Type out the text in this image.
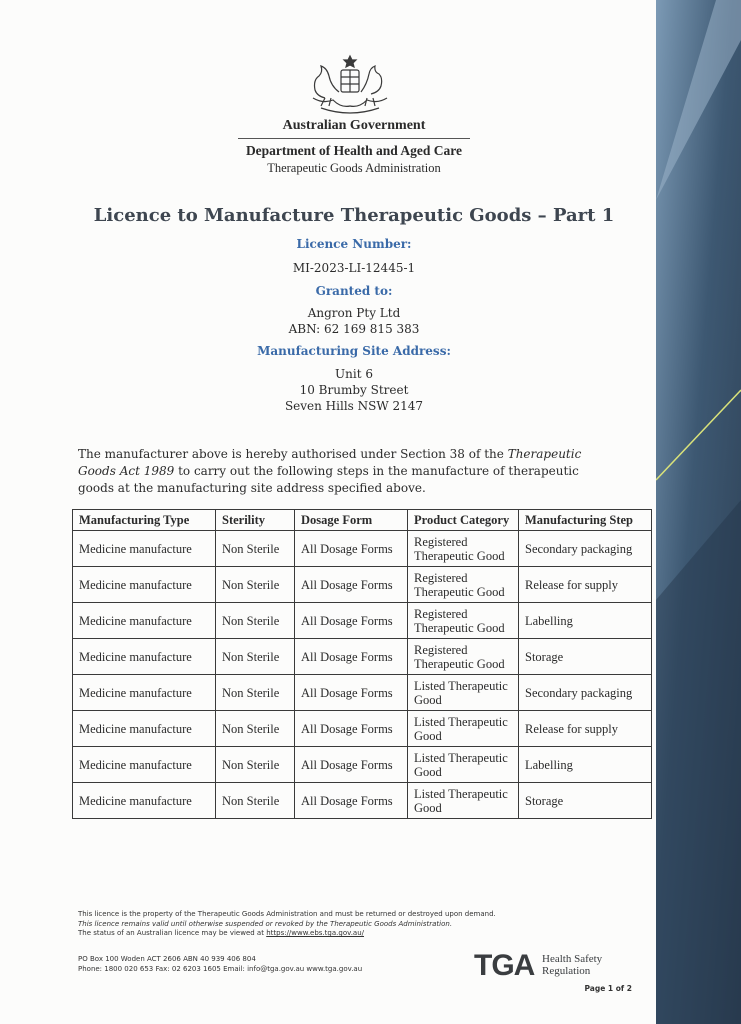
Australian Government
Department of Health and Aged Care
Therapeutic Goods Administration
Licence to Manufacture Therapeutic Goods – Part 1
Licence Number:
MI-2023-LI-12445-1
Granted to:
Angron Pty Ltd
ABN: 62 169 815 383
Manufacturing Site Address:
Unit 6
10 Brumby Street
Seven Hills NSW 2147
The manufacturer above is hereby authorised under Section 38 of the Therapeutic Goods Act 1989 to carry out the following steps in the manufacture of therapeutic goods at the manufacturing site address specified above.
Manufacturing Type	Sterility	Dosage Form	Product Category	Manufacturing Step
Medicine manufacture	Non Sterile	All Dosage Forms	Registered Therapeutic Good	Secondary packaging
Medicine manufacture	Non Sterile	All Dosage Forms	Registered Therapeutic Good	Release for supply
Medicine manufacture	Non Sterile	All Dosage Forms	Registered Therapeutic Good	Labelling
Medicine manufacture	Non Sterile	All Dosage Forms	Registered Therapeutic Good	Storage
Medicine manufacture	Non Sterile	All Dosage Forms	Listed Therapeutic Good	Secondary packaging
Medicine manufacture	Non Sterile	All Dosage Forms	Listed Therapeutic Good	Release for supply
Medicine manufacture	Non Sterile	All Dosage Forms	Listed Therapeutic Good	Labelling
Medicine manufacture	Non Sterile	All Dosage Forms	Listed Therapeutic Good	Storage
This licence is the property of the Therapeutic Goods Administration and must be returned or destroyed upon demand.
This licence remains valid until otherwise suspended or revoked by the Therapeutic Goods Administration.
The status of an Australian licence may be viewed at https://www.ebs.tga.gov.au/
PO Box 100 Woden ACT 2606 ABN 40 939 406 804
Phone: 1800 020 653 Fax: 02 6203 1605 Email: info@tga.gov.au www.tga.gov.au	TGA Health Safety
Regulation
Page 1 of 2
